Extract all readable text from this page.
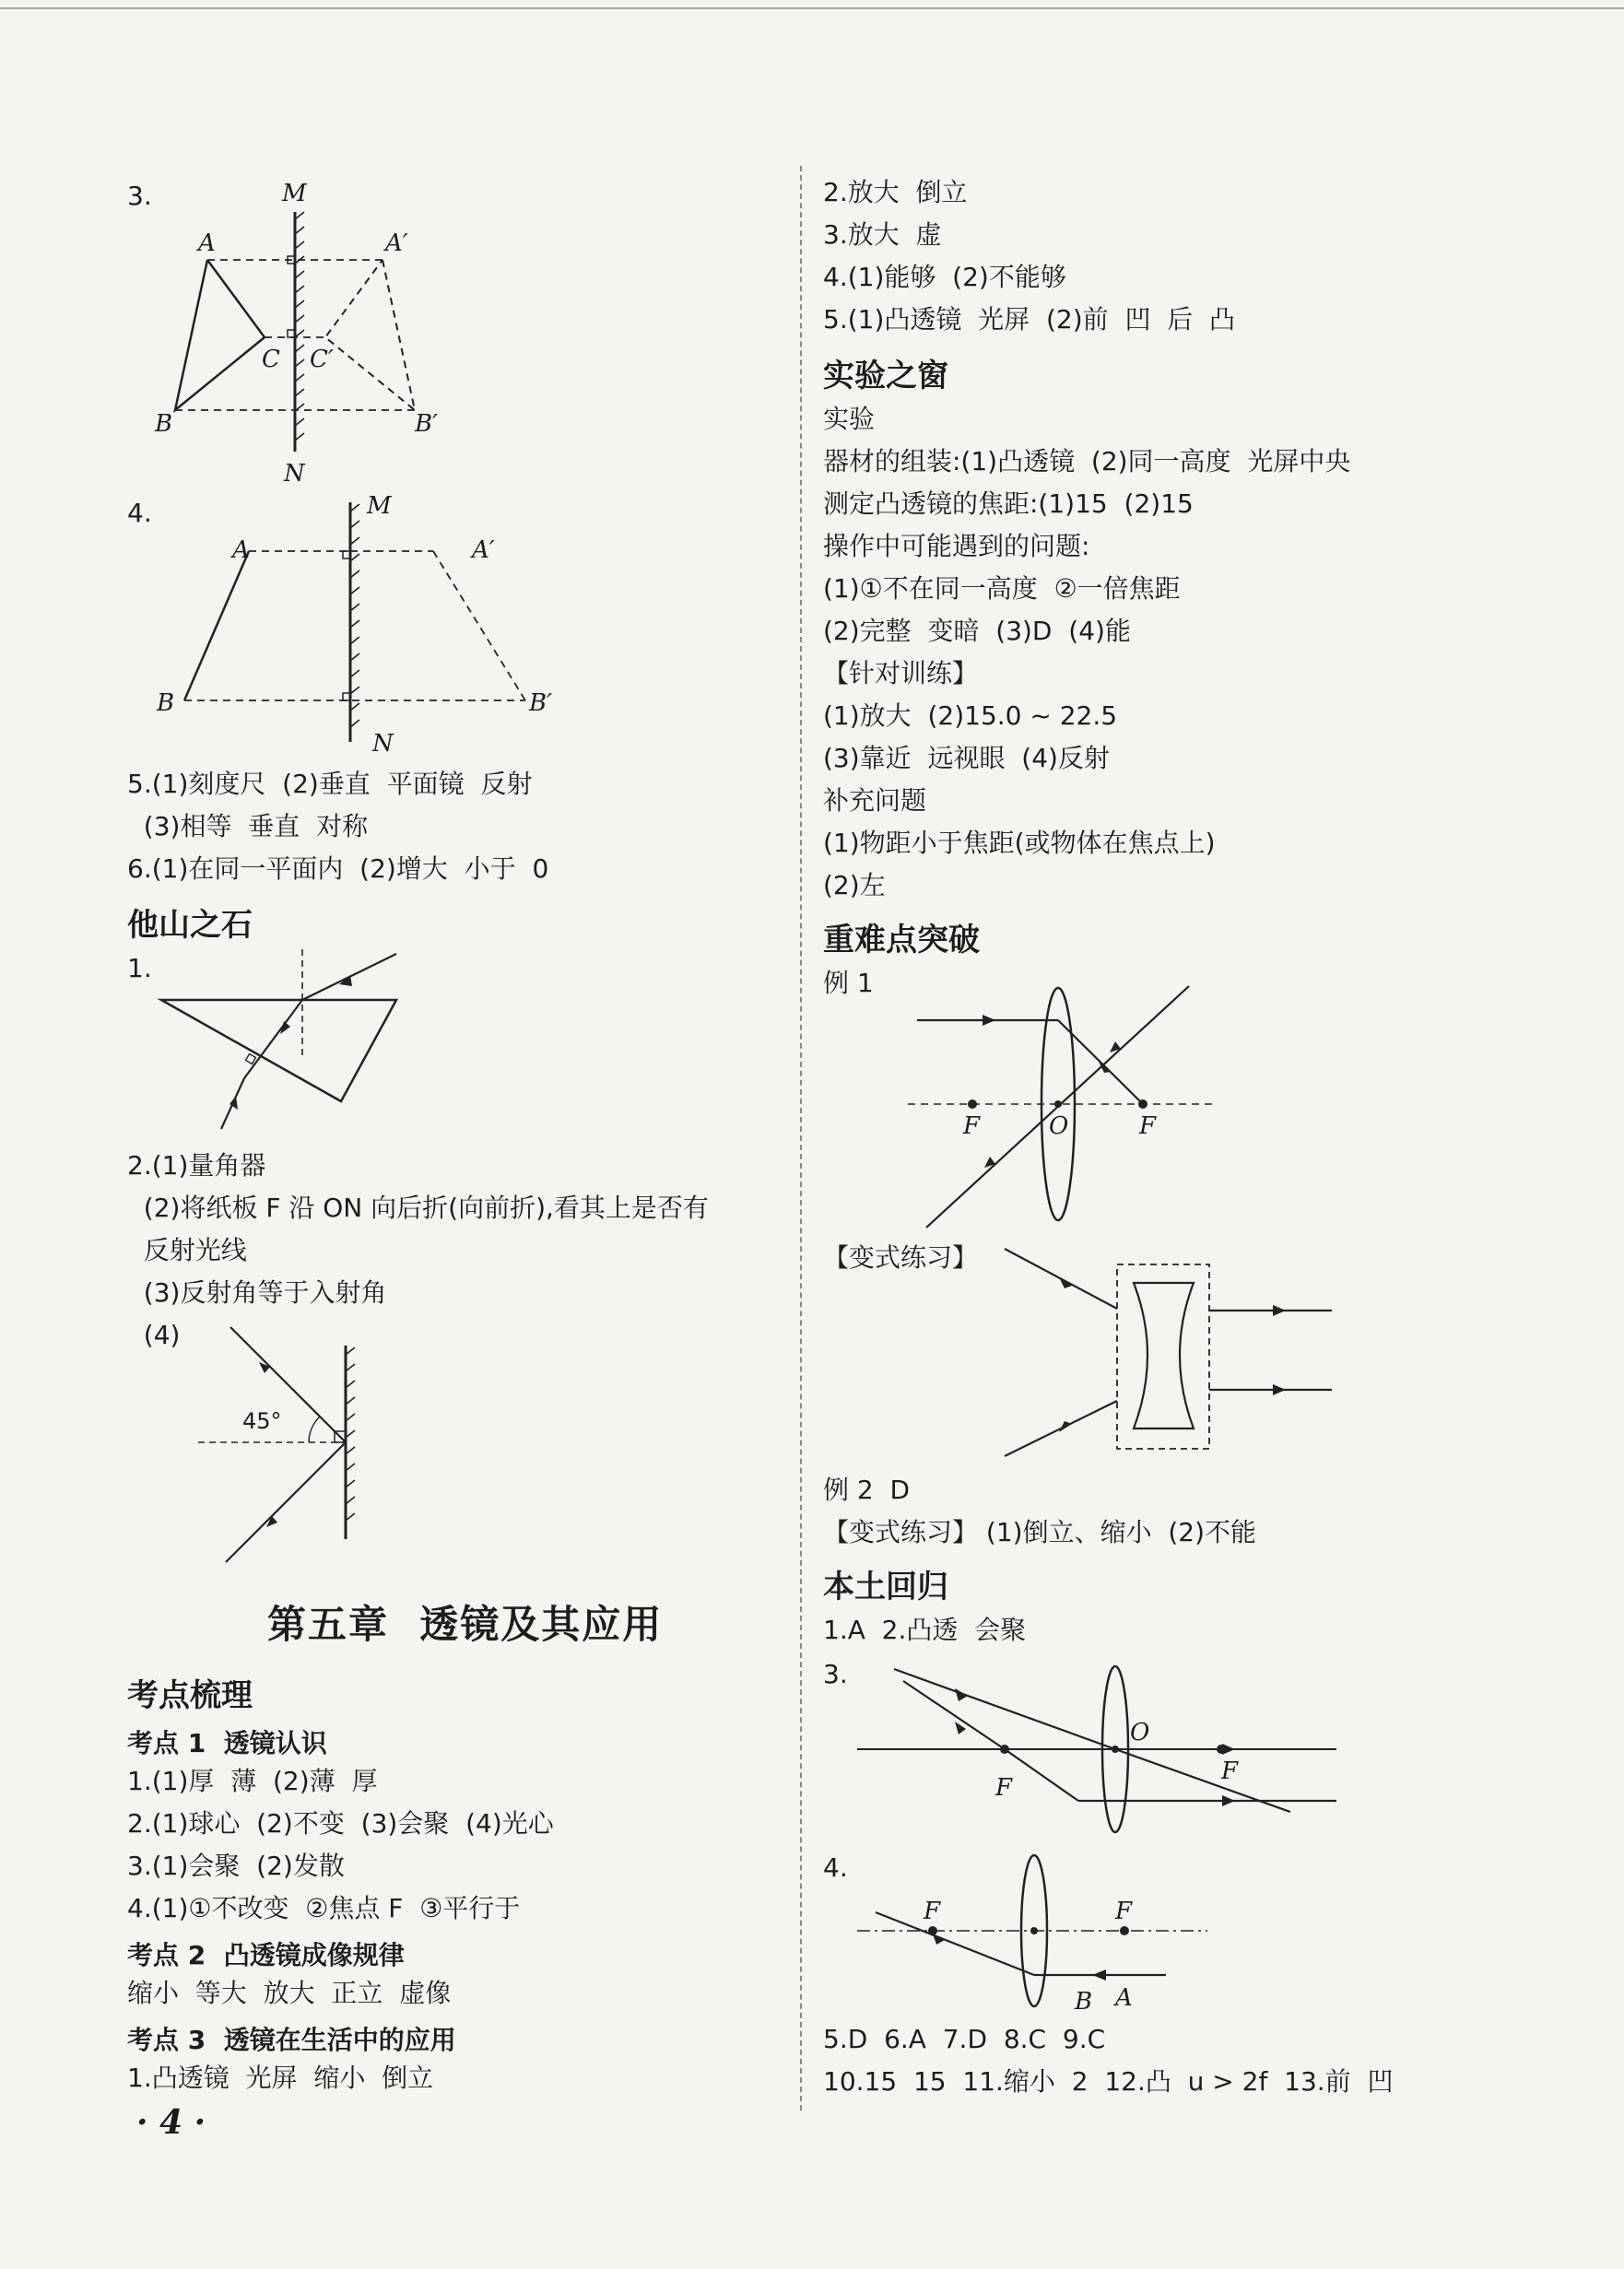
3.	M
N
A	A′
B	B′
C C′
4.	M
N
A	A′
B	B′
5.(1)刻度尺  (2)垂直  平面镜  反射
(3)相等  垂直  对称
6.(1)在同一平面内  (2)增大  小于  0
他山之石
1.
2.(1)量角器
(2)将纸板 F 沿 ON 向后折(向前折),看其上是否有
反射光线
(3)反射角等于入射角
(4)
45°
第五章  透镜及其应用
考点梳理
考点 1  透镜认识
1.(1)厚  薄  (2)薄  厚
2.(1)球心  (2)不变  (3)会聚  (4)光心
3.(1)会聚  (2)发散
4.(1)①不改变  ②焦点 F  ③平行于
考点 2  凸透镜成像规律
缩小  等大  放大  正立  虚像
考点 3  透镜在生活中的应用
1.凸透镜  光屏  缩小  倒立
· 4 ·
2.放大  倒立
3.放大  虚
4.(1)能够  (2)不能够
5.(1)凸透镜  光屏  (2)前  凹  后  凸
实验之窗
实验
器材的组装:(1)凸透镜  (2)同一高度  光屏中央
测定凸透镜的焦距:(1)15  (2)15
操作中可能遇到的问题:
(1)①不在同一高度  ②一倍焦距
(2)完整  变暗  (3)D  (4)能
【针对训练】
(1)放大  (2)15.0 ~ 22.5
(3)靠近  远视眼  (4)反射
补充问题
(1)物距小于焦距(或物体在焦点上)
(2)左
重难点突破
例 1
F	O	F
【变式练习】
例 2  D
【变式练习】 (1)倒立、缩小  (2)不能
本土回归
1.A  2.凸透  会聚
3.
F
O
F
4.
F	F
B A
5.D  6.A  7.D  8.C  9.C
10.15  15  11.缩小  2  12.凸  u > 2f  13.前  凹
